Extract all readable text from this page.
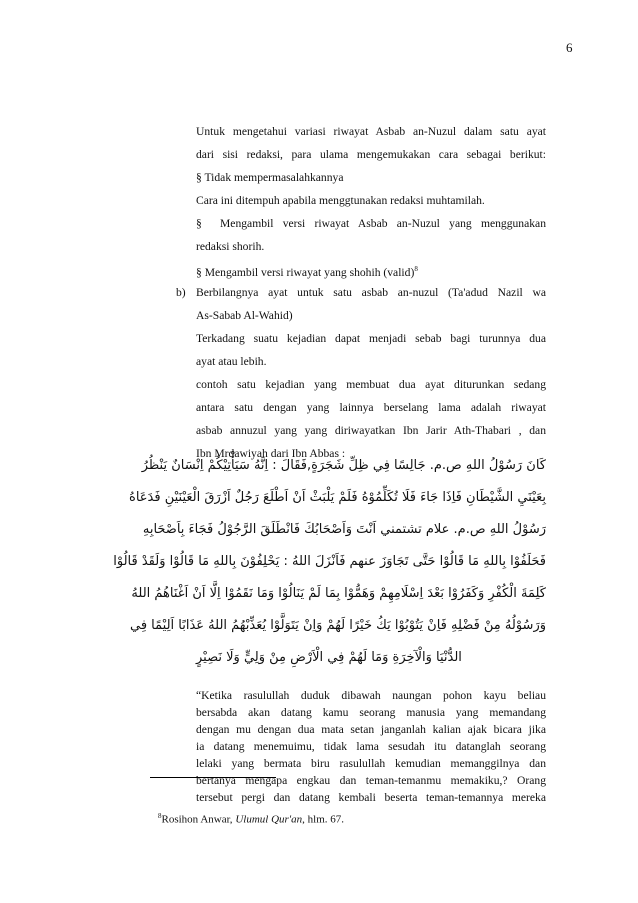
6
Untuk mengetahui variasi riwayat Asbab an-Nuzul dalam satu ayat
dari sisi redaksi, para ulama mengemukakan cara sebagai berikut:
§ Tidak mempermasalahkannya
Cara ini ditempuh apabila menggtunakan redaksi muhtamilah.
§ Mengambil versi riwayat Asbab an-Nuzul yang menggunakan
redaksi shorih.
§ Mengambil versi riwayat yang shohih (valid)$^8$
b) Berbilangnya ayat untuk satu asbab an-nuzul (Ta'adud Nazil wa
As-Sabab Al-Wahid)
Terkadang suatu kejadian dapat menjadi sebab bagi turunnya dua
ayat atau lebih.
contoh satu kejadian yang membuat dua ayat diturunkan sedang
antara satu dengan yang lainnya berselang lama adalah riwayat
asbab annuzul yang yang diriwayatkan Ibn Jarir Ath-Thabari , dan
Ibn Mrdawiyah dari Ibn Abbas :
كَانَ رَسُوْلُ اللهِ ص.م. جَالِسًا فِي ظِلِّ شَجَرَةٍ,فَقَالَ : اِنَّهُ سَيَأْتِيْكُمْ اِنْسَانٌ يَنْظُرُ
بِعَيْنَيِ الشَّيْطَانِ فَاِذَا جَاءَ فَلَا تُكَلِّمُوْهُ فَلَمْ يَلْبَثْ اَنْ اَطْلَعَ رَجُلٌ اَزْرَقَ الْعَيْنَيْنِ فَدَعَاهُ
رَسُوْلُ اللهِ ص.م. علام تشتمني اَنْتَ وَاَصْحَابُكَ فَانْطَلَقَ الرَّجُوْلُ فَجَاءَ بِاَصْحَابِهِ
فَحَلَفُوْا بِاللهِ مَا قَالُوْا حَتَّى تَجَاوَزَ عنهم فَاَنْزَلَ اللهُ : يَحْلِفُوْنَ بِاللهِ مَا قَالُوْا وَلَقَدْ قَالُوْا
كَلِمَةَ الْكُفْرِ وَكَفَرُوْا بَعْدَ اِسْلَامِهِمْ وَهَمُّوْا بِمَا لَمْ يَنَالُوْا وَمَا نَقَمُوْا اِلَّا اَنْ اَغْنَاهُمُ اللهُ
وَرَسُوْلُهُ مِنْ فَضْلِهِ فَاِنْ يَتُوْبُوْا يَكُ خَيْرًا لَهُمْ وَاِنْ يَتَوَلَّوْا يُعَذِّبْهُمُ اللهُ عَذَابًا اَلِيْمًا فِي
الدُّنْيَا وَالْآخِرَةِ وَمَا لَهُمْ فِي الْاَرْضِ مِنْ وَلِيٍّ وَلَا نَصِيْرٍ
“Ketika rasulullah duduk dibawah naungan pohon kayu beliau
bersabda akan datang kamu seorang manusia yang memandang
dengan mu dengan dua mata setan janganlah kalian ajak bicara jika
ia datang menemuimu, tidak lama sesudah itu datanglah seorang
lelaki yang bermata biru rasulullah kemudian memanggilnya dan
bertanya mengapa engkau dan teman-temanmu memakiku,? Orang
tersebut pergi dan datang kembali beserta teman-temannya mereka
$^8$Rosihon Anwar, Ulumul Qur'an, hlm. 67.
